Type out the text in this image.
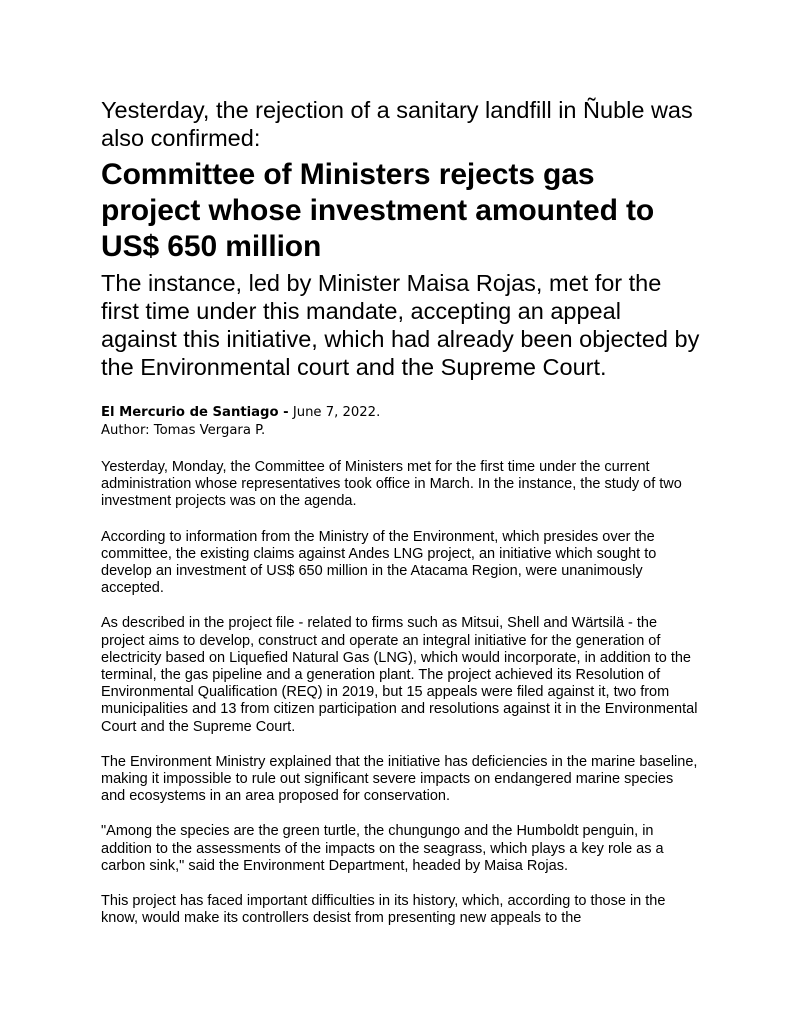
Yesterday, the rejection of a sanitary landfill in Ñuble was also confirmed:

Committee of Ministers rejects gas project whose investment amounted to US$ 650 million

The instance, led by Minister Maisa Rojas, met for the first time under this mandate, accepting an appeal against this initiative, which had already been objected by the Environmental court and the Supreme Court.

El Mercurio de Santiago - June 7, 2022.
Author: Tomas Vergara P.

Yesterday, Monday, the Committee of Ministers met for the first time under the current administration whose representatives took office in March. In the instance, the study of two investment projects was on the agenda.

According to information from the Ministry of the Environment, which presides over the committee, the existing claims against Andes LNG project, an initiative which sought to develop an investment of US$ 650 million in the Atacama Region, were unanimously accepted.

As described in the project file - related to firms such as Mitsui, Shell and Wärtsilä - the project aims to develop, construct and operate an integral initiative for the generation of electricity based on Liquefied Natural Gas (LNG), which would incorporate, in addition to the terminal, the gas pipeline and a generation plant. The project achieved its Resolution of Environmental Qualification (REQ) in 2019, but 15 appeals were filed against it, two from municipalities and 13 from citizen participation and resolutions against it in the Environmental Court and the Supreme Court.

The Environment Ministry explained that the initiative has deficiencies in the marine baseline, making it impossible to rule out significant severe impacts on endangered marine species and ecosystems in an area proposed for conservation.

"Among the species are the green turtle, the chungungo and the Humboldt penguin, in addition to the assessments of the impacts on the seagrass, which plays a key role as a carbon sink," said the Environment Department, headed by Maisa Rojas.

This project has faced important difficulties in its history, which, according to those in the know, would make its controllers desist from presenting new appeals to the
